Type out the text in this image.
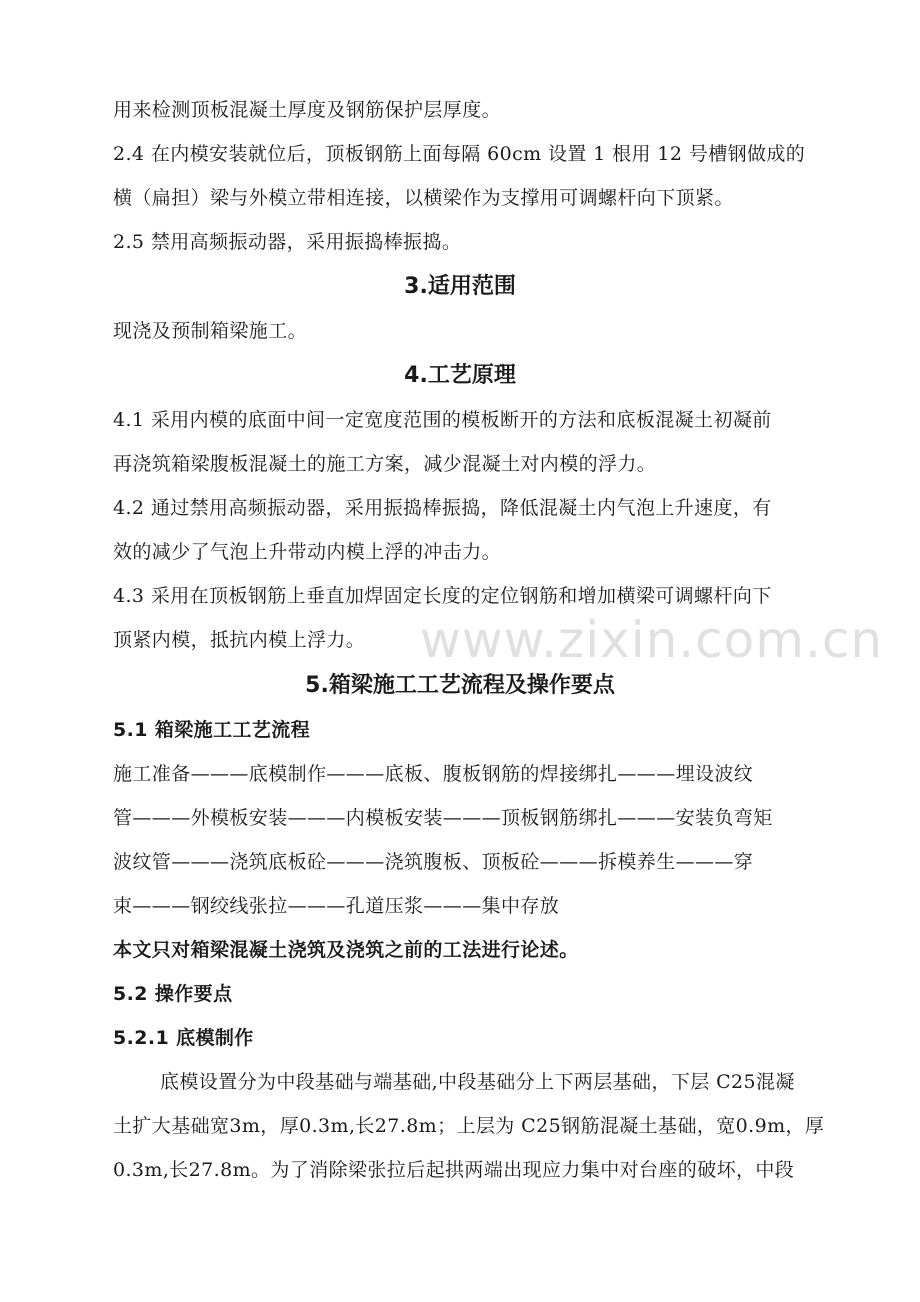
www.zixin.com.cn
用来检测顶板混凝土厚度及钢筋保护层厚度。
2.4 在内模安装就位后，顶板钢筋上面每隔 60cm 设置 1 根用 12 号槽钢做成的
横（扁担）梁与外模立带相连接，以横梁作为支撑用可调螺杆向下顶紧。
2.5 禁用高频振动器，采用振捣棒振捣。
3.适用范围
现浇及预制箱梁施工。
4.工艺原理
4.1 采用内模的底面中间一定宽度范围的模板断开的方法和底板混凝土初凝前
再浇筑箱梁腹板混凝土的施工方案，减少混凝土对内模的浮力。
4.2 通过禁用高频振动器，采用振捣棒振捣，降低混凝土内气泡上升速度，有
效的减少了气泡上升带动内模上浮的冲击力。
4.3 采用在顶板钢筋上垂直加焊固定长度的定位钢筋和增加横梁可调螺杆向下
顶紧内模，抵抗内模上浮力。
5.箱梁施工工艺流程及操作要点
5.1 箱梁施工工艺流程
施工准备———底模制作———底板、腹板钢筋的焊接绑扎———埋设波纹
管———外模板安装———内模板安装———顶板钢筋绑扎———安装负弯矩
波纹管———浇筑底板砼———浇筑腹板、顶板砼———拆模养生———穿
束———钢绞线张拉———孔道压浆———集中存放
本文只对箱梁混凝土浇筑及浇筑之前的工法进行论述。
5.2 操作要点
5.2.1 底模制作
底模设置分为中段基础与端基础,中段基础分上下两层基础，下层 C25混凝
土扩大基础宽3m，厚0.3m,长27.8m；上层为 C25钢筋混凝土基础，宽0.9m，厚
0.3m,长27.8m。为了消除梁张拉后起拱两端出现应力集中对台座的破坏，中段
